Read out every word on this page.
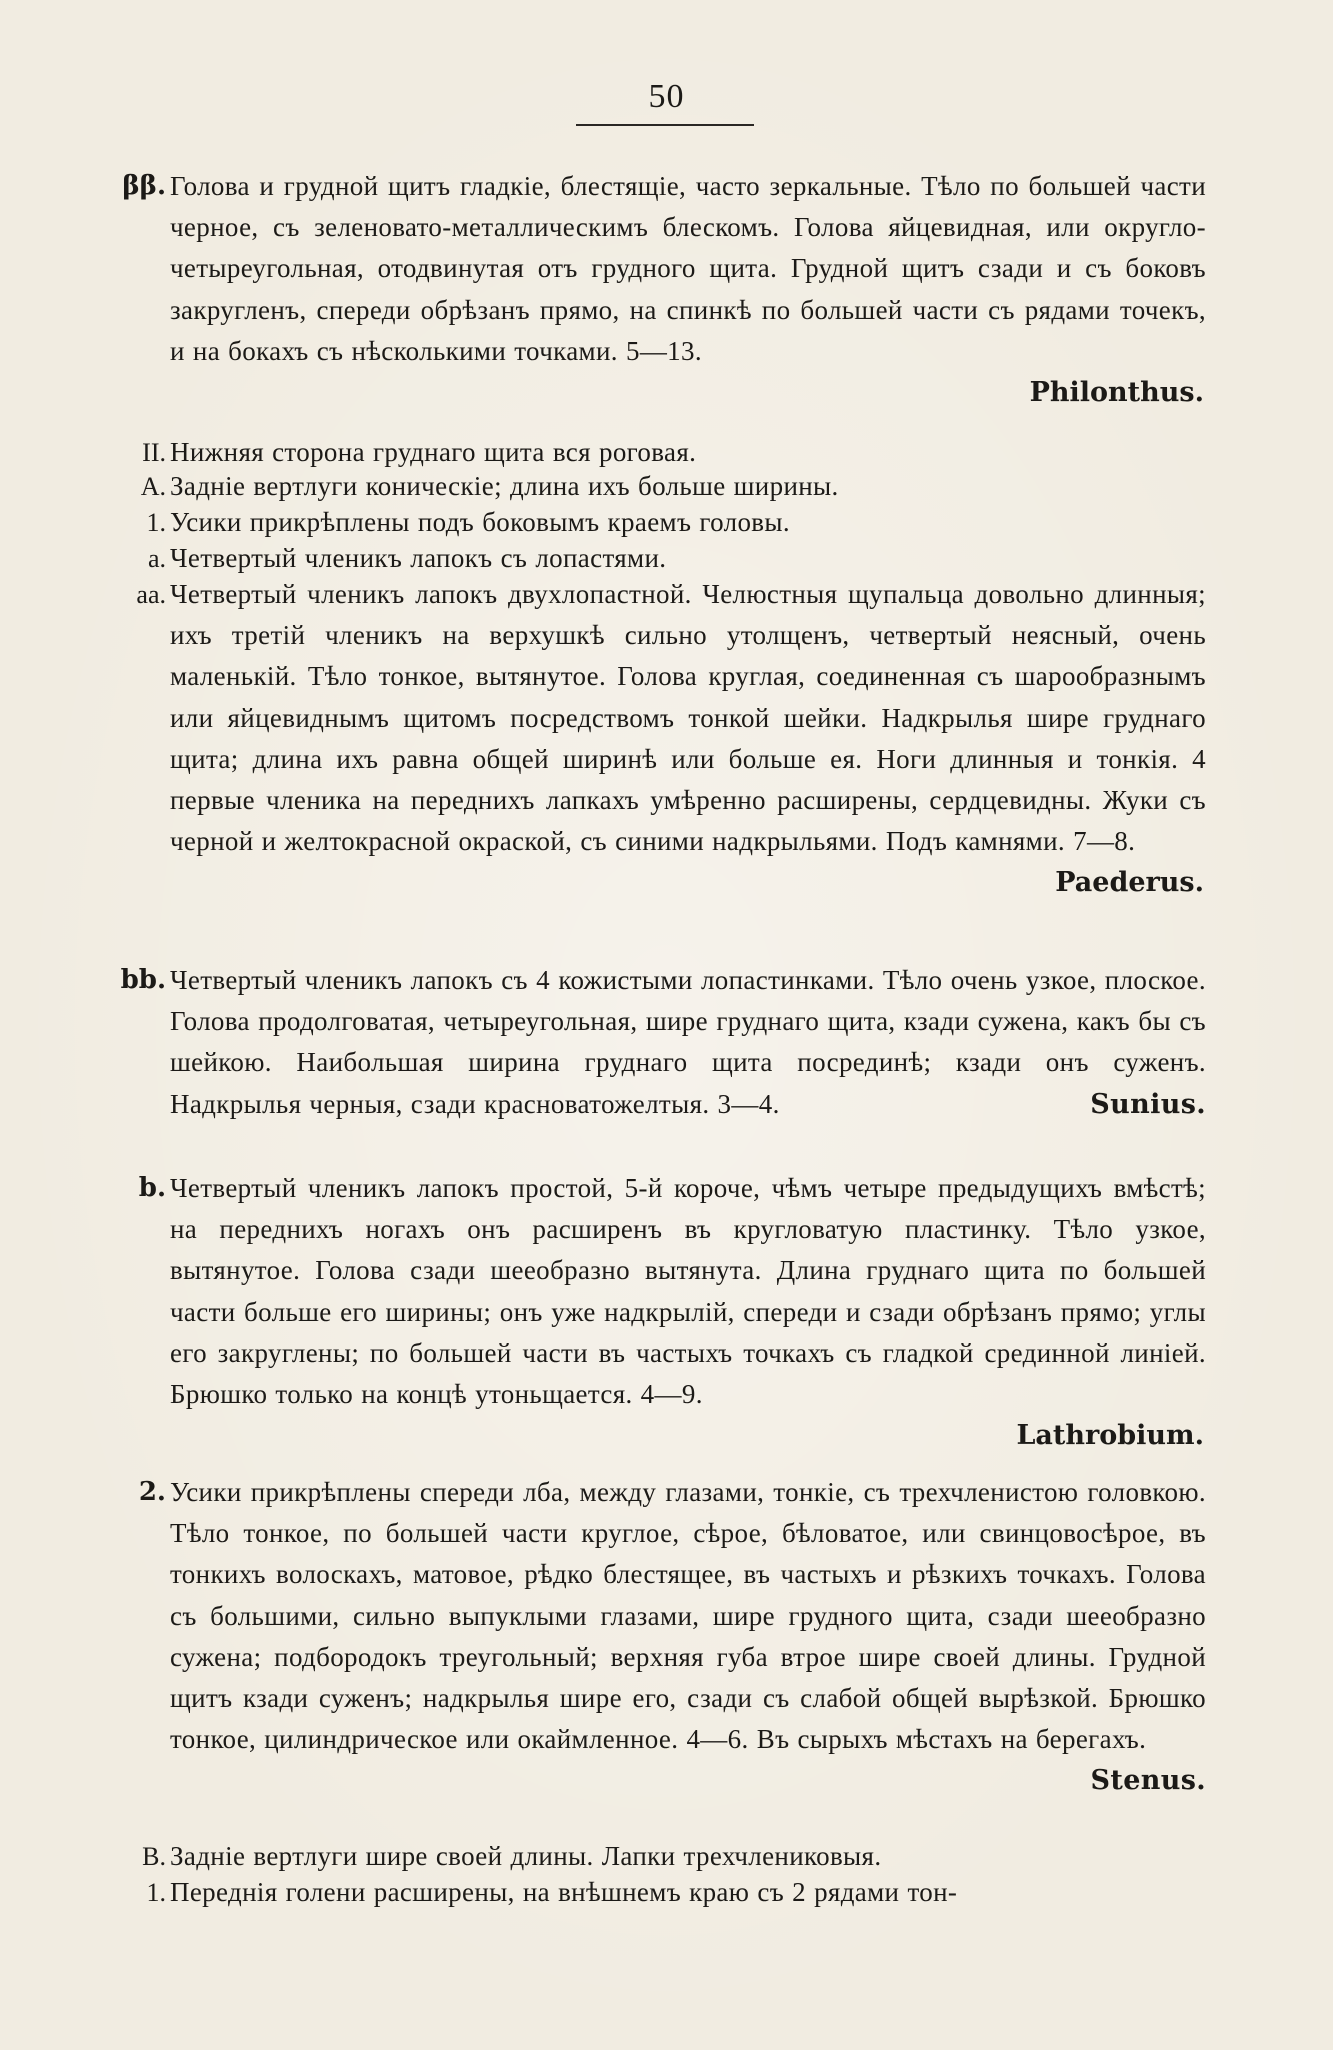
50
ββ. Голова и грудной щитъ гладкіе, блестящіе, часто зеркальные. Тѣло по большей части черное, съ зеленовато-металлическимъ блескомъ. Голова яйцевидная, или округло-четыреугольная, отодвинутая отъ грудного щита. Грудной щитъ сзади и съ боковъ закругленъ, спереди обрѣзанъ прямо, на спинкѣ по большей части съ рядами точекъ, и на бокахъ съ нѣсколькими точками. 5—13.
Philonthus.
II. Нижняя сторона груднаго щита вся роговая.
A. Заднiе вертлуги коническіе; длина ихъ больше ширины.
1. Усики прикрѣплены подъ боковымъ краемъ головы.
a. Четвертый членикъ лапокъ съ лопастями.
aa. Четвертый членикъ лапокъ двухлопастной. Челюстныя щупальца довольно длинныя; ихъ третій членикъ на верхушкѣ сильно утолщенъ, четвертый неясный, очень маленькій. Тѣло тонкое, вытянутое. Голова круглая, соединенная съ шарообразнымъ или яйцевиднымъ щитомъ посредствомъ тонкой шейки. Надкрылья шире груднаго щита; длина ихъ равна общей ширинѣ или больше ея. Ноги длинныя и тонкія. 4 первые членика на переднихъ лапкахъ умѣренно расширены, сердцевидны. Жуки съ черной и желтокрасной окраской, съ синими надкрыльями. Подъ камнями. 7—8.
Paederus.
bb. Четвертый членикъ лапокъ съ 4 кожистыми лопастинками. Тѣло очень узкое, плоское. Голова продолговатая, четыреугольная, шире груднаго щита, кзади сужена, какъ бы съ шейкою. Наибольшая ширина груднаго щита посрединѣ; кзади онъ суженъ. Надкрылья черныя, сзади красноватожелтыя. 3—4.	Sunius.
b. Четвертый членикъ лапокъ простой, 5-й короче, чѣмъ четыре предыдущихъ вмѣстѣ; на переднихъ ногахъ онъ расширенъ въ кругловатую пластинку. Тѣло узкое, вытянутое. Голова сзади шееобразно вытянута. Длина груднаго щита по большей части больше его ширины; онъ уже надкрылій, спереди и сзади обрѣзанъ прямо; углы его закруглены; по большей части въ частыхъ точкахъ съ гладкой срединной линіей. Брюшко только на концѣ утоньщается. 4—9.
Lathrobium.
2. Усики прикрѣплены спереди лба, между глазами, тонкіе, съ трехчленистою головкою. Тѣло тонкое, по большей части круглое, сѣрое, бѣловатое, или свинцовосѣрое, въ тонкихъ волоскахъ, матовое, рѣдко блестящее, въ частыхъ и рѣзкихъ точкахъ. Голова съ большими, сильно выпуклыми глазами, шире грудного щита, сзади шееобразно сужена; подбородокъ треугольный; верхняя губа втрое шире своей длины. Грудной щитъ кзади суженъ; надкрылья шире его, сзади съ слабой общей вырѣзкой. Брюшко тонкое, цилиндрическое или окаймленное. 4—6. Въ сырыхъ мѣстахъ на берегахъ.
Stenus.
B. Заднiе вертлуги шире своей длины. Лапки трехчлениковыя.
1. Переднія голени расширены, на внѣшнемъ краю съ 2 рядами тон-
